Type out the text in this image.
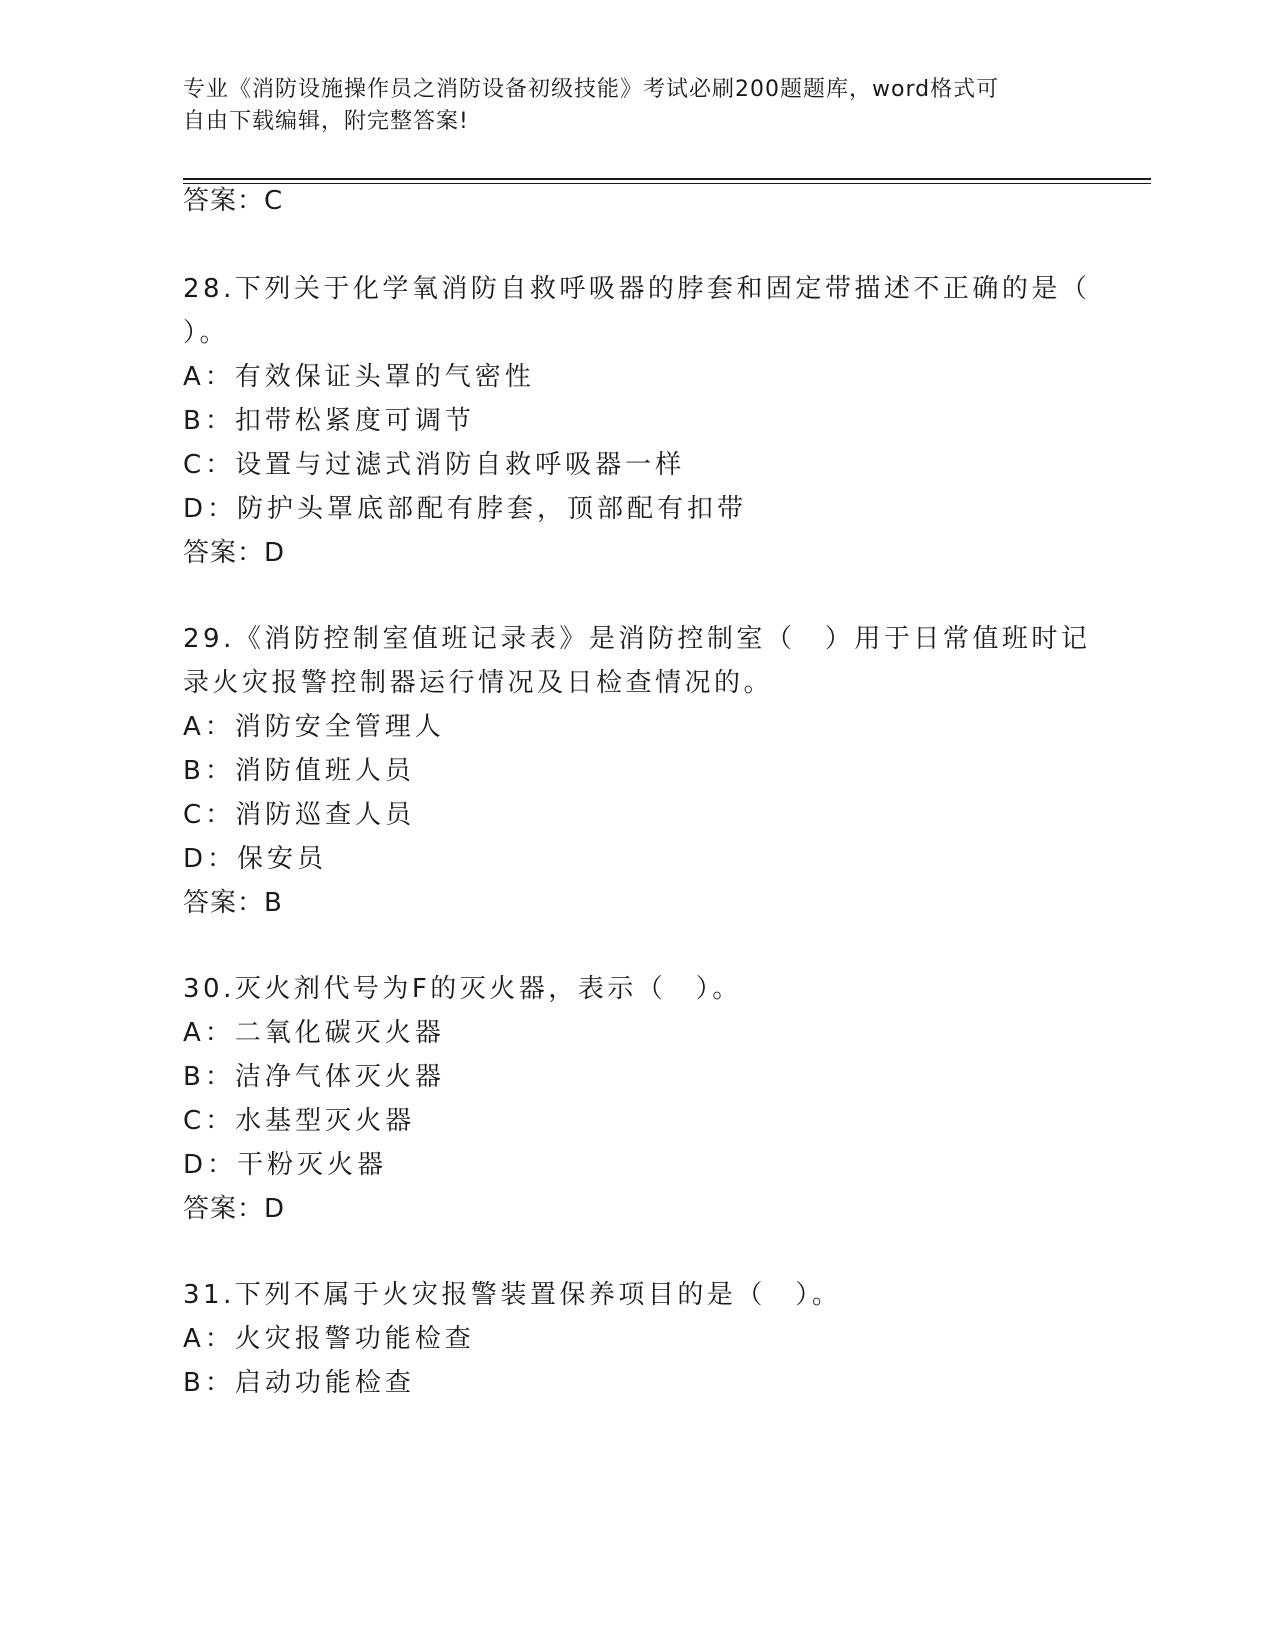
专业《消防设施操作员之消防设备初级技能》考试必刷200题题库，word格式可
自由下载编辑，附完整答案!
答案：C
28.下列关于化学氧消防自救呼吸器的脖套和固定带描述不正确的是（
）。
A：有效保证头罩的气密性
B：扣带松紧度可调节
C：设置与过滤式消防自救呼吸器一样
D：防护头罩底部配有脖套，顶部配有扣带
答案：D
29.《消防控制室值班记录表》是消防控制室（　）用于日常值班时记
录火灾报警控制器运行情况及日检查情况的。
A：消防安全管理人
B：消防值班人员
C：消防巡查人员
D：保安员
答案：B
30.灭火剂代号为F的灭火器，表示（　）。
A：二氧化碳灭火器
B：洁净气体灭火器
C：水基型灭火器
D：干粉灭火器
答案：D
31.下列不属于火灾报警装置保养项目的是（　）。
A：火灾报警功能检查
B：启动功能检查
